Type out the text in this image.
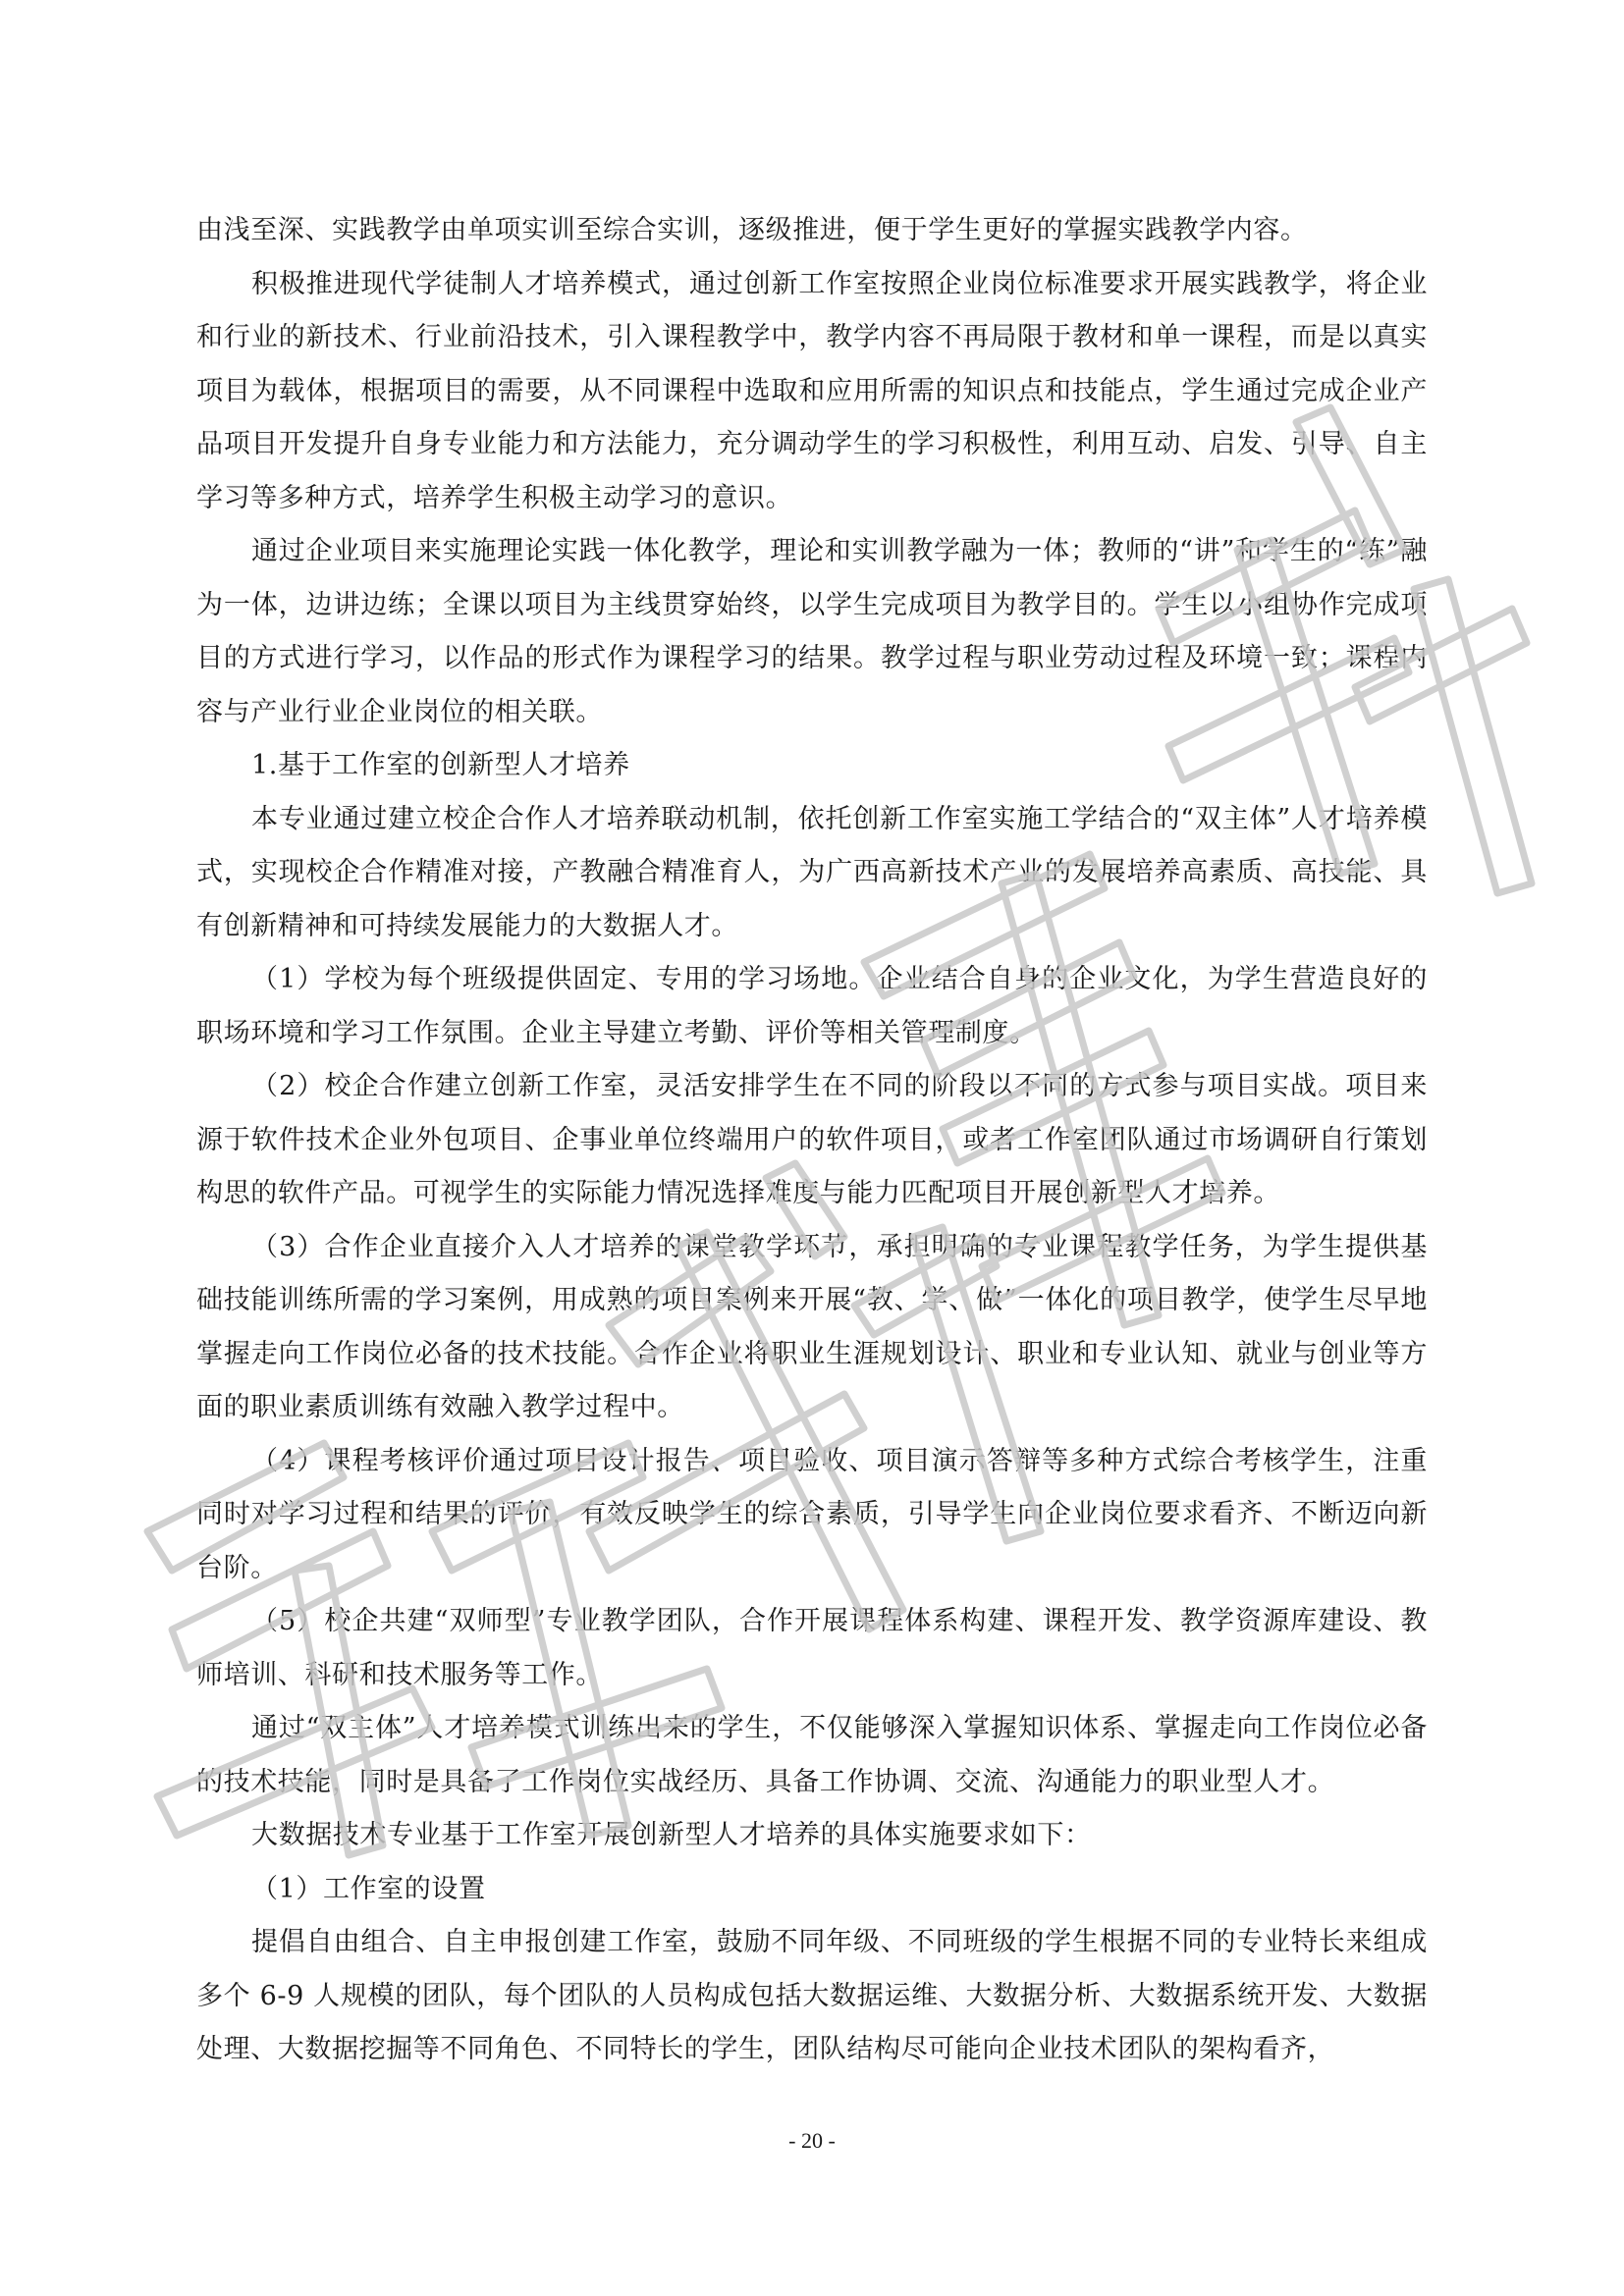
由浅至深、实践教学由单项实训至综合实训，逐级推进，便于学生更好的掌握实践教学内容。

积极推进现代学徒制人才培养模式，通过创新工作室按照企业岗位标准要求开展实践教学，将企业和行业的新技术、行业前沿技术，引入课程教学中，教学内容不再局限于教材和单一课程，而是以真实项目为载体，根据项目的需要，从不同课程中选取和应用所需的知识点和技能点，学生通过完成企业产品项目开发提升自身专业能力和方法能力，充分调动学生的学习积极性，利用互动、启发、引导、自主学习等多种方式，培养学生积极主动学习的意识。

通过企业项目来实施理论实践一体化教学，理论和实训教学融为一体；教师的“讲”和学生的“练”融为一体，边讲边练；全课以项目为主线贯穿始终，以学生完成项目为教学目的。学生以小组协作完成项目的方式进行学习，以作品的形式作为课程学习的结果。教学过程与职业劳动过程及环境一致；课程内容与产业行业企业岗位的相关联。

1.基于工作室的创新型人才培养

本专业通过建立校企合作人才培养联动机制，依托创新工作室实施工学结合的“双主体”人才培养模式，实现校企合作精准对接，产教融合精准育人，为广西高新技术产业的发展培养高素质、高技能、具有创新精神和可持续发展能力的大数据人才。

（1）学校为每个班级提供固定、专用的学习场地。企业结合自身的企业文化，为学生营造良好的职场环境和学习工作氛围。企业主导建立考勤、评价等相关管理制度。

（2）校企合作建立创新工作室，灵活安排学生在不同的阶段以不同的方式参与项目实战。项目来源于软件技术企业外包项目、企事业单位终端用户的软件项目，或者工作室团队通过市场调研自行策划构思的软件产品。可视学生的实际能力情况选择难度与能力匹配项目开展创新型人才培养。

（3）合作企业直接介入人才培养的课堂教学环节，承担明确的专业课程教学任务，为学生提供基础技能训练所需的学习案例，用成熟的项目案例来开展“教、学、做”一体化的项目教学，使学生尽早地掌握走向工作岗位必备的技术技能。合作企业将职业生涯规划设计、职业和专业认知、就业与创业等方面的职业素质训练有效融入教学过程中。

（4）课程考核评价通过项目设计报告、项目验收、项目演示答辩等多种方式综合考核学生，注重同时对学习过程和结果的评价，有效反映学生的综合素质，引导学生向企业岗位要求看齐、不断迈向新台阶。

（5）校企共建“双师型”专业教学团队，合作开展课程体系构建、课程开发、教学资源库建设、教师培训、科研和技术服务等工作。

通过“双主体”人才培养模式训练出来的学生，不仅能够深入掌握知识体系、掌握走向工作岗位必备的技术技能，同时是具备了工作岗位实战经历、具备工作协调、交流、沟通能力的职业型人才。

大数据技术专业基于工作室开展创新型人才培养的具体实施要求如下：

（1）工作室的设置

提倡自由组合、自主申报创建工作室，鼓励不同年级、不同班级的学生根据不同的专业特长来组成多个 6-9 人规模的团队，每个团队的人员构成包括大数据运维、大数据分析、大数据系统开发、大数据处理、大数据挖掘等不同角色、不同特长的学生，团队结构尽可能向企业技术团队的架构看齐，

- 20 -
